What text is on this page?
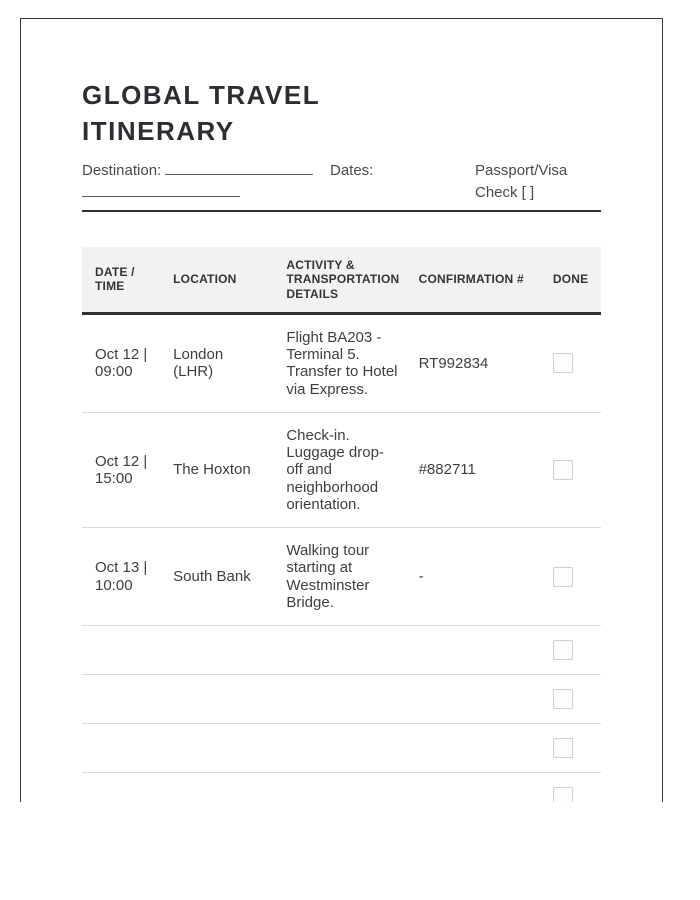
GLOBAL TRAVEL ITINERARY
Destination:	Dates:	Passport/Visa Check [ ]
DATE / TIME	LOCATION	ACTIVITY & TRANSPORTATION DETAILS	CONFIRMATION #	DONE
Oct 12 | 09:00	London (LHR)	Flight BA203 - Terminal 5. Transfer to Hotel via Express.	RT992834	

Oct 12 | 15:00	The Hoxton	Check-in. Luggage drop-off and neighborhood orientation.	#882711	

Oct 13 | 10:00	South Bank	Walking tour starting at Westminster Bridge.	-	
